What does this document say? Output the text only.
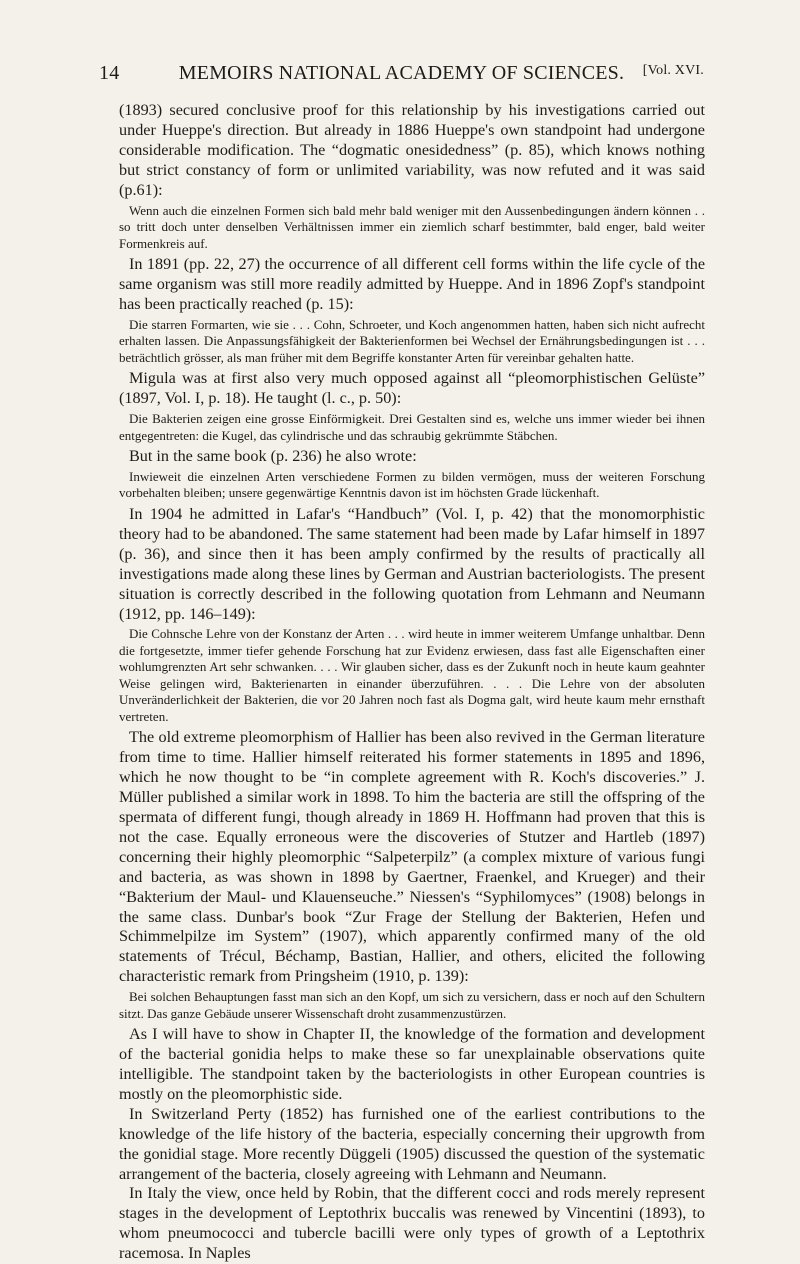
14	MEMOIRS NATIONAL ACADEMY OF SCIENCES.	[Vol. XVI.

(1893) secured conclusive proof for this relationship by his investigations carried out under Hueppe's direction. But already in 1886 Hueppe's own standpoint had undergone considerable modification. The “dogmatic onesidedness” (p. 85), which knows nothing but strict constancy of form or unlimited variability, was now refuted and it was said (p.61):

Wenn auch die einzelnen Formen sich bald mehr bald weniger mit den Aussenbedingungen ändern können . . so tritt doch unter denselben Verhältnissen immer ein ziemlich scharf bestimmter, bald enger, bald weiter Formenkreis auf.

In 1891 (pp. 22, 27) the occurrence of all different cell forms within the life cycle of the same organism was still more readily admitted by Hueppe. And in 1896 Zopf's standpoint has been practically reached (p. 15):

Die starren Formarten, wie sie . . . Cohn, Schroeter, und Koch angenommen hatten, haben sich nicht aufrecht erhalten lassen. Die Anpassungsfähigkeit der Bakterienformen bei Wechsel der Ernährungsbedingungen ist . . . beträchtlich grösser, als man früher mit dem Begriffe konstanter Arten für vereinbar gehalten hatte.

Migula was at first also very much opposed against all “pleomorphistischen Gelüste” (1897, Vol. I, p. 18). He taught (l. c., p. 50):

Die Bakterien zeigen eine grosse Einförmigkeit. Drei Gestalten sind es, welche uns immer wieder bei ihnen entgegentreten: die Kugel, das cylindrische und das schraubig gekrümmte Stäbchen.

But in the same book (p. 236) he also wrote:

Inwieweit die einzelnen Arten verschiedene Formen zu bilden vermögen, muss der weiteren Forschung vorbehalten bleiben; unsere gegenwärtige Kenntnis davon ist im höchsten Grade lückenhaft.

In 1904 he admitted in Lafar's “Handbuch” (Vol. I, p. 42) that the monomorphistic theory had to be abandoned. The same statement had been made by Lafar himself in 1897 (p. 36), and since then it has been amply confirmed by the results of practically all investigations made along these lines by German and Austrian bacteriologists. The present situation is correctly described in the following quotation from Lehmann and Neumann (1912, pp. 146–149):

Die Cohnsche Lehre von der Konstanz der Arten . . . wird heute in immer weiterem Umfange unhaltbar. Denn die fortgesetzte, immer tiefer gehende Forschung hat zur Evidenz erwiesen, dass fast alle Eigenschaften einer wohlumgrenzten Art sehr schwanken. . . . Wir glauben sicher, dass es der Zukunft noch in heute kaum geahnter Weise gelingen wird, Bakterienarten in einander überzuführen. . . . Die Lehre von der absoluten Unveränderlichkeit der Bakterien, die vor 20 Jahren noch fast als Dogma galt, wird heute kaum mehr ernsthaft vertreten.

The old extreme pleomorphism of Hallier has been also revived in the German literature from time to time. Hallier himself reiterated his former statements in 1895 and 1896, which he now thought to be “in complete agreement with R. Koch's discoveries.” J. Müller published a similar work in 1898. To him the bacteria are still the offspring of the spermata of different fungi, though already in 1869 H. Hoffmann had proven that this is not the case. Equally erroneous were the discoveries of Stutzer and Hartleb (1897) concerning their highly pleomorphic “Salpeterpilz” (a complex mixture of various fungi and bacteria, as was shown in 1898 by Gaertner, Fraenkel, and Krueger) and their “Bakterium der Maul- und Klauenseuche.” Niessen's “Syphilomyces” (1908) belongs in the same class. Dunbar's book “Zur Frage der Stellung der Bakterien, Hefen und Schimmelpilze im System” (1907), which apparently confirmed many of the old statements of Trécul, Béchamp, Bastian, Hallier, and others, elicited the following characteristic remark from Pringsheim (1910, p. 139):

Bei solchen Behauptungen fasst man sich an den Kopf, um sich zu versichern, dass er noch auf den Schultern sitzt. Das ganze Gebäude unserer Wissenschaft droht zusammenzustürzen.

As I will have to show in Chapter II, the knowledge of the formation and development of the bacterial gonidia helps to make these so far unexplainable observations quite intelligible. The standpoint taken by the bacteriologists in other European countries is mostly on the pleomorphistic side.

In Switzerland Perty (1852) has furnished one of the earliest contributions to the knowledge of the life history of the bacteria, especially concerning their upgrowth from the gonidial stage. More recently Düggeli (1905) discussed the question of the systematic arrangement of the bacteria, closely agreeing with Lehmann and Neumann.

In Italy the view, once held by Robin, that the different cocci and rods merely represent stages in the development of Leptothrix buccalis was renewed by Vincentini (1893), to whom pneumococci and tubercle bacilli were only types of growth of a Leptothrix racemosa. In Naples
